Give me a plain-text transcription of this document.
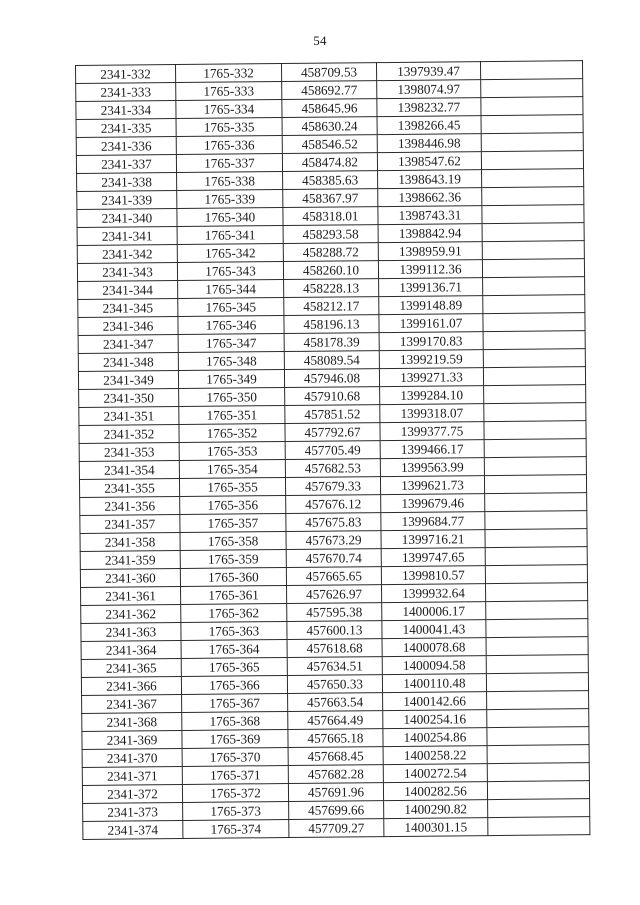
54
2341-332	1765-332	458709.53	1397939.47	
2341-333	1765-333	458692.77	1398074.97	
2341-334	1765-334	458645.96	1398232.77	
2341-335	1765-335	458630.24	1398266.45	
2341-336	1765-336	458546.52	1398446.98	
2341-337	1765-337	458474.82	1398547.62	
2341-338	1765-338	458385.63	1398643.19	
2341-339	1765-339	458367.97	1398662.36	
2341-340	1765-340	458318.01	1398743.31	
2341-341	1765-341	458293.58	1398842.94	
2341-342	1765-342	458288.72	1398959.91	
2341-343	1765-343	458260.10	1399112.36	
2341-344	1765-344	458228.13	1399136.71	
2341-345	1765-345	458212.17	1399148.89	
2341-346	1765-346	458196.13	1399161.07	
2341-347	1765-347	458178.39	1399170.83	
2341-348	1765-348	458089.54	1399219.59	
2341-349	1765-349	457946.08	1399271.33	
2341-350	1765-350	457910.68	1399284.10	
2341-351	1765-351	457851.52	1399318.07	
2341-352	1765-352	457792.67	1399377.75	
2341-353	1765-353	457705.49	1399466.17	
2341-354	1765-354	457682.53	1399563.99	
2341-355	1765-355	457679.33	1399621.73	
2341-356	1765-356	457676.12	1399679.46	
2341-357	1765-357	457675.83	1399684.77	
2341-358	1765-358	457673.29	1399716.21	
2341-359	1765-359	457670.74	1399747.65	
2341-360	1765-360	457665.65	1399810.57	
2341-361	1765-361	457626.97	1399932.64	
2341-362	1765-362	457595.38	1400006.17	
2341-363	1765-363	457600.13	1400041.43	
2341-364	1765-364	457618.68	1400078.68	
2341-365	1765-365	457634.51	1400094.58	
2341-366	1765-366	457650.33	1400110.48	
2341-367	1765-367	457663.54	1400142.66	
2341-368	1765-368	457664.49	1400254.16	
2341-369	1765-369	457665.18	1400254.86	
2341-370	1765-370	457668.45	1400258.22	
2341-371	1765-371	457682.28	1400272.54	
2341-372	1765-372	457691.96	1400282.56	
2341-373	1765-373	457699.66	1400290.82	
2341-374	1765-374	457709.27	1400301.15	
